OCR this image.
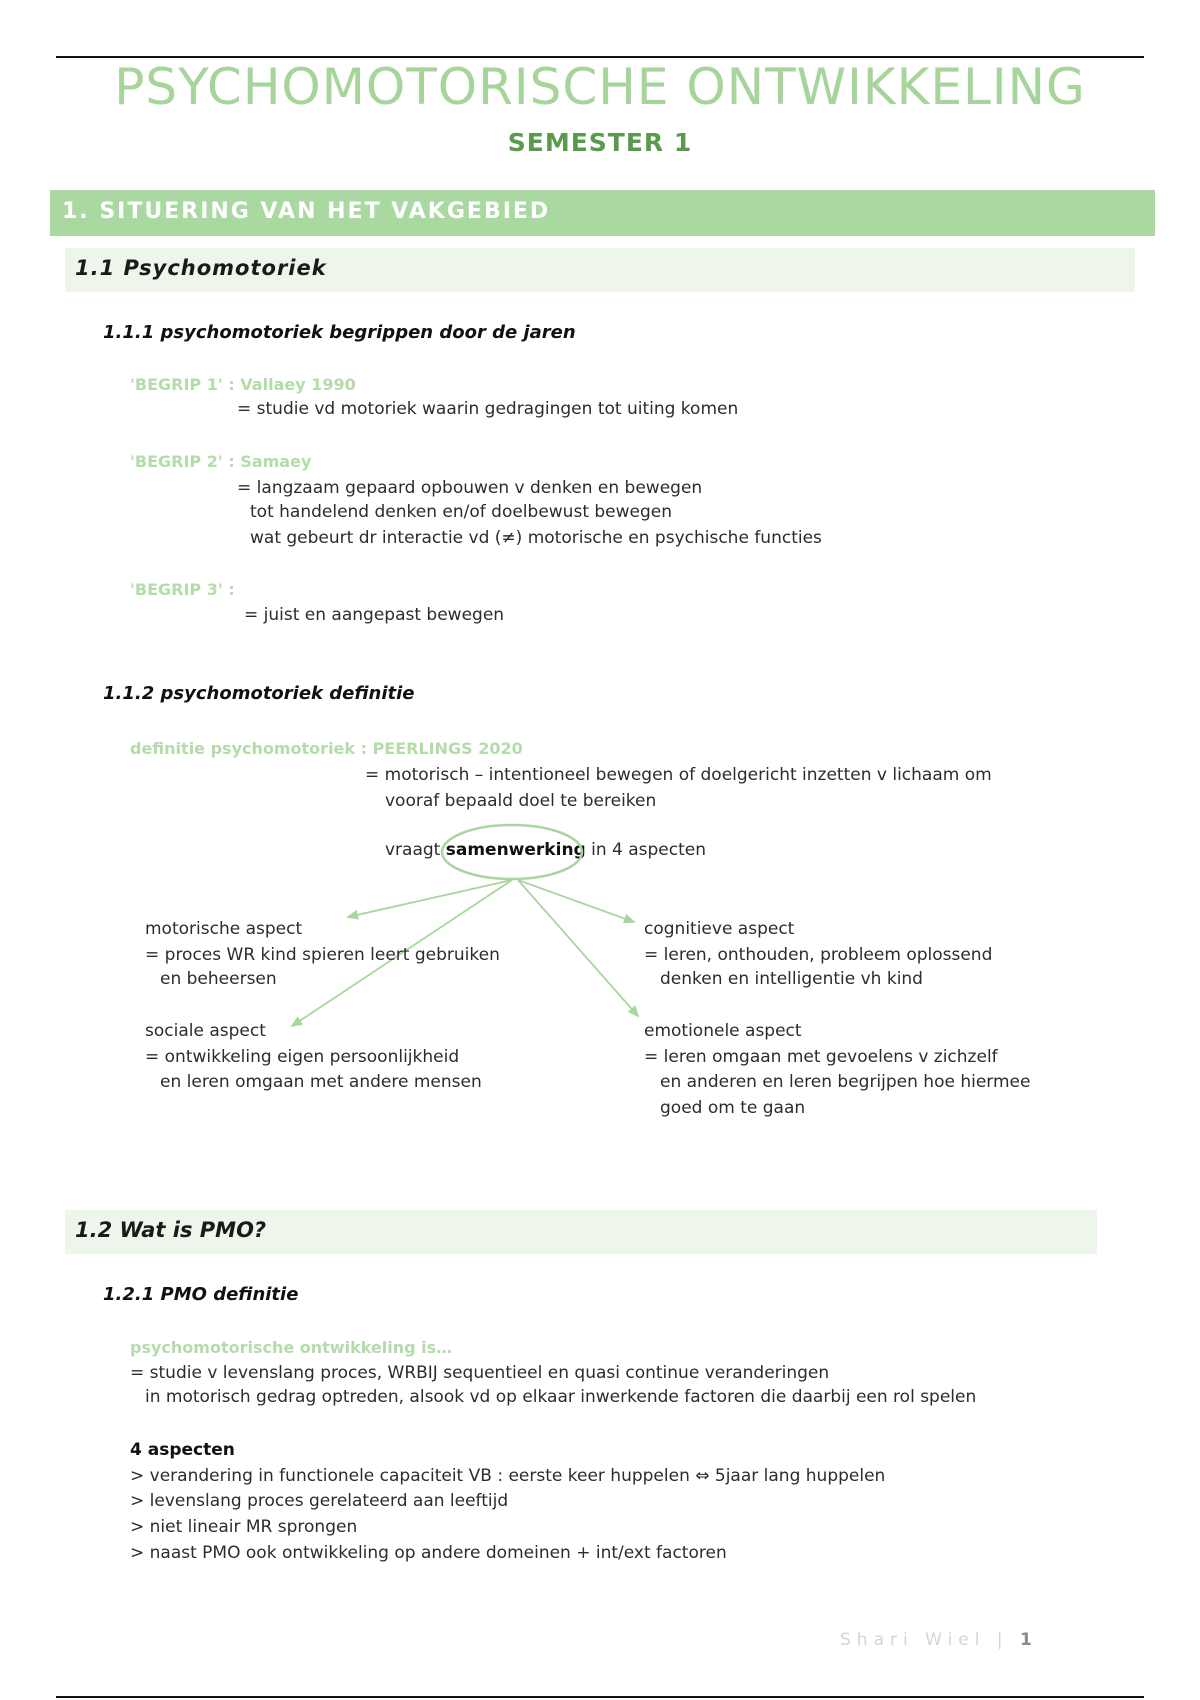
PSYCHOMOTORISCHE ONTWIKKELING
SEMESTER 1
1. SITUERING VAN HET VAKGEBIED
1.1 Psychomotoriek
1.1.1 psychomotoriek begrippen door de jaren
'BEGRIP 1' : Vallaey 1990
= studie vd motoriek waarin gedragingen tot uiting komen
'BEGRIP 2' : Samaey
= langzaam gepaard opbouwen v denken en bewegen
tot handelend denken en/of doelbewust bewegen
wat gebeurt dr interactie vd (≠) motorische en psychische functies
'BEGRIP 3' :
= juist en aangepast bewegen
1.1.2 psychomotoriek definitie
definitie psychomotoriek : PEERLINGS 2020
= motorisch – intentioneel bewegen of doelgericht inzetten v lichaam om
vooraf bepaald doel te bereiken
vraagt samenwerking in 4 aspecten
motorische aspect
= proces WR kind spieren leert gebruiken
en beheersen
cognitieve aspect
= leren, onthouden, probleem oplossend
denken en intelligentie vh kind
sociale aspect
= ontwikkeling eigen persoonlijkheid
en leren omgaan met andere mensen
emotionele aspect
= leren omgaan met gevoelens v zichzelf
en anderen en leren begrijpen hoe hiermee
goed om te gaan
1.2 Wat is PMO?
1.2.1 PMO definitie
psychomotorische ontwikkeling is…
= studie v levenslang proces, WRBIJ sequentieel en quasi continue veranderingen
in motorisch gedrag optreden, alsook vd op elkaar inwerkende factoren die daarbij een rol spelen
4 aspecten
> verandering in functionele capaciteit VB : eerste keer huppelen ⇔ 5jaar lang huppelen
> levenslang proces gerelateerd aan leeftijd
> niet lineair MR sprongen
> naast PMO ook ontwikkeling op andere domeinen + int/ext factoren
Shari Wiel | 1
